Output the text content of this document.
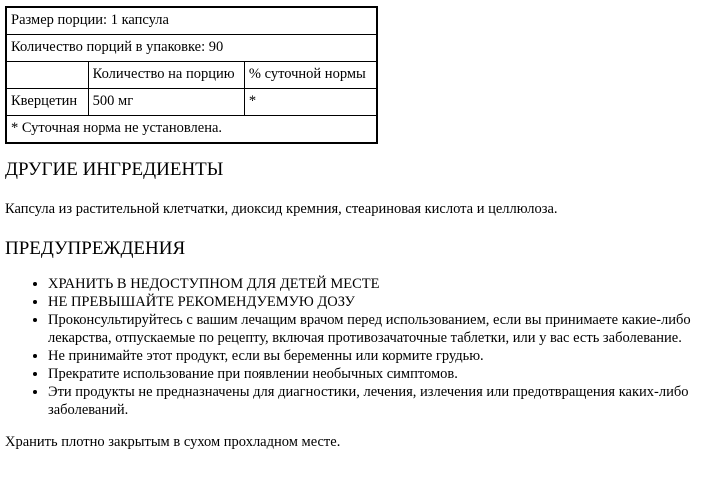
Размер порции: 1 капсула		
Количество порций в упаковке: 90		
	Количество на порцию	% суточной нормы
Кверцетин	500 мг	*
* Суточная норма не установлена.		
ДРУГИЕ ИНГРЕДИЕНТЫ
Капсула из растительной клетчатки, диоксид кремния, стеариновая кислота и целлюлоза.
ПРЕДУПРЕЖДЕНИЯ
• ХРАНИТЬ В НЕДОСТУПНОМ ДЛЯ ДЕТЕЙ МЕСТЕ
• НЕ ПРЕВЫШАЙТЕ РЕКОМЕНДУЕМУЮ ДОЗУ
• Проконсультируйтесь с вашим лечащим врачом перед использованием, если вы принимаете какие-либо лекарства, отпускаемые по рецепту, включая противозачаточные таблетки, или у вас есть заболевание.
• Не принимайте этот продукт, если вы беременны или кормите грудью.
• Прекратите использование при появлении необычных симптомов.
• Эти продукты не предназначены для диагностики, лечения, излечения или предотвращения каких-либо заболеваний.
Хранить плотно закрытым в сухом прохладном месте.
